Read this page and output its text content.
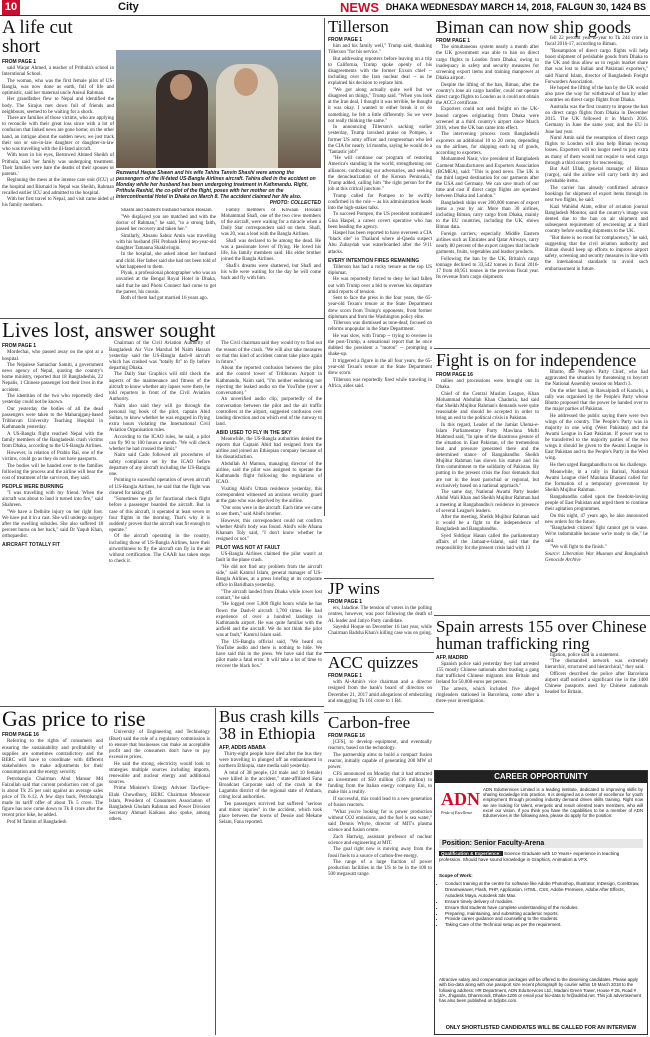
10	City	NEWS DHAKA WEDNESDAY MARCH 14, 2018, FALGUN 30, 1424 BS
A life cut short
FROM PAGE 1

said Waqar Ahmed, a teacher of Prithula's school in Interntional School.

The woman, who was the first female pilot of US-Bangla, was now done as earth, full of life and optimistic, said her maternal uncle Anisul Rahman.

Her grandfather flew to Nepal and identified the body. The Sirajus met down full of friends and neighbours, seemed to be waiting for a shock.

There are families of those victims, who are applying to reconcile with their great loss since with a lot of confusion that linked news are gone home; on the other hand, an intrigue about the sudden news; we just track their son or son-in-law daughter or daughter-in-law who was travelling with the ill-fated aircraft.

With tears in his eyes, Bestowed Ahmed Sheikh of Prithula, said 'her family was undergoing treatment. Their families were bare the deaths of their spouses or parents.'

Beginning the mess at the intense care unit (ICU) of the hospital and Bismaid in Nepal was Sheikh, Rahman recalled earlier ICU and admitted to the hospital.

With her first travel to Nepal, and visit came aided of his family members.

Rezwanul Haque Shawn and his wife Tahira Tanvin Shashi were among the passengers of the ill-fated US-Bangla Airlines aircraft. Tahira died in the accident on Monday while her husband has been undergoing treatment in Kathmandu. Right, Prithula Rashid, the co-pilot of the flight, poses with her mother on the Intercontinental Hotel in Dhaka on March 8. The accident claimed her life also.
PHOTO: COLLECTED

Shashi and Shahid's husband Sumon Hossain.

"We displayed you are matched and with the doctor of Rahman," he said, "to a strong faith, passed her recovery and taken her."

Similarly, Ahsanu Sabuz Amin was travelling with his husband (FH Probash Hero) ten-year-old daughter Tamanna Shakhvingin.

In the hospital, she asked about her husband and child. Her father said she had not been told of what happened to them.

Piyak, a professional photographer who was an unvaried at the Bengal Royal Hotel in Dhaka, said that he and Photo Connect had come to get the parent, his cousin.

Both of them had got married 16 years ago.

Family members of Khwaan Hossain Mohammad Shafi, one of the two crew members of the aircraft, were waiting for a miracle when a Daily Star correspondent said on them. Shafi, was 20, was a lead with the Bangla Airlines.

Shafi was declared to be among the dead. He was a passionate lover of flying. He loved his life, his family members said. His elder brother joined the Bangla Airlines.

Shafi's dreams were shattered, but Shafi and his wife were waiting for the day he will come back and fly with him.

Tillerson
FROM PAGE 1

him and his family well," Trump said, thanking Tillerson "for his service."

But addressing reporters before leaving on a trip to California, Trump spoke openly of his disagreements with the former Exxon chief -- including over the Iran nuclear deal -- as he explained his decision to replace him.

"We got along actually quite well but we disagreed on things," Trump said. "When you look at the Iran deal, I thought it was terrible, he thought it was okay. I wanted to either break it or do something, he felt a little differently. So we were not really thinking the same."

In announcing Tillerson's sacking earlier yesterday, Trump lavished praise on Pompeo, a former US army officer and congressman who led the CIA for nearly 14 months, saying he would do a "fantastic job!"

"He will continue our program of restoring America's standing in the world, strengthening our alliances, confronting our adversaries, and seeking the denuclearization of the Korean Peninsula," Trump added, calling him "the right person for the job at this critical juncture."

Trump called for Pompeo to be swiftly confirmed in the role -- as his administration heads into the high-stakes talks.

To succeed Pompeo, the US president nominated Gina Haspel, a career covert operative who has been heading the agency.

Haspel has been reported to have overseen a CIA "black site" in Thailand where al-Qaeda suspect Abu Zubaydah was waterboarded after the 9/11 attacks.

EVERY INTENTION FIRES REMAINING

Tillerson has had a rocky tenure as the top US diplomat.

He was reportedly forced to deny he had fallen out with Trump over a bid to oversee his departure amid reports of tension.

Sent to face the press in the four years, the 65-year-old Texan's tenure at the State Department drew scorn from Trump's opponents, from former diplomats and from the Washington policy elite.

Tillerson was dismissed as tone-deaf, focused on reforms unpopular in the State Department.

He was slow, with Trump -- trying to oversee in the post-Trump, a sensational report that he once dubbed the president a "moron" -- prompting a shake-up.

It triggered a figure in the all four years, the 65-year-old Texan's tenure at the State Department drew scorn.

Tillerson was reportedly fired while traveling in Africa, aides said.

Biman can now ship goods
FROM PAGE 1

The simultaneous system nearly a month after the UK government was able to ban on direct cargo flights to London from Dhaka, owing to inadequacy in safety and security measures for screening export items and training manpower at Dhaka airport.

Despite the lifting of the ban, Biman, after the country's lone air cargo handler, could not operate direct cargo flights to London as it could not obtain the ACC3 certificate.

Exporters could not send freight on the UK-bound cargoes originating from Dhaka were screened at a third country's airport since March 2016, when the UK ban came into effect.

The intervening process costs Bangladeshi exporters an additional 10 to 20 cents, depending on the airlines, for shipping each kg of goods, according to exporters.

Mohammed Nasir, vice president of Bangladesh Garment Manufacturers and Exporters Association (BGMEA), said: "This is good news. The UK is the third largest destination for our garments after the USA and Germany. We can save much of our time and cost if direct cargo flights are operated between Dhaka and London."

Bangladesh ships over 200,000 tonnes of export items a year by air. More than 30 airlines, including Biman, carry cargo from Dhaka, mainly to the EU countries, including the UK, shows Biman data.

Foreign carriers, especially Middle Eastern airlines such as Emirates and Qatar Airways, carry nearly 80 percent of the export cargoes that include garments, fruits, vegetables and leather products.

Following the ban by the UK, Britain's cargo tonnage declined to 33,542 tonnes in fiscal 2016-17 from 40,951 tonnes in the previous fiscal year. Its revenue from cargo shipments

fell 22 percent year-to-year to Tk 244 crore in fiscal 2016-17, according to Biman.

"Resumption of direct cargo flights will help boost shipment of perishable goods from Dhaka to the UK and thus allow us to regain market share that was lost to Indian and Pakistani exporters," said Nazrul Islam, director of Bangladesh Freight Forwarders Association.

He hoped the lifting of the ban by the UK would also pave the way for withdrawal of ban by other countries on direct cargo flights from Dhaka.

Australia was the first country to impose the ban on direct cargo flights from Dhaka in December 2015. The UK followed it in March 2016. Germany in June the same year, and the EU in June last year.

Nurul Amin said the resumption of direct cargo flights to London will also help Biman recoup losses. Exporters will no longer need to pay extra as many of them would not require to send cargo through a third country for rescreening.

But Asif Ullah, general manager of Biman (cargo), said the airline will carry both dry and perishable items.

The carrier has already confirmed advance bookings for shipment of export items through its next two flights, he said.

Kazi Wahidul Alam, editor of aviation journal Bangladesh Monitor, said the country's image was dented due to the ban on air shipment and subsequent requirement of rescreening at a third country before sending shipments to the UK.

"But there is no room for complacency," he said, suggesting that the civil aviation authority and Biman should keep up efforts to improve airport safety, screening and security measures in line with the international standards to avoid such embarrassment in future.

Lives lost, answer sought
FROM PAGE 1

Mordechai, who passed away on the spot at a hospital.

The Nepalese Samachar Samiti, a government news agency of Nepal, quoting the country's home ministry, reported that 18 Bangladeshis, 22 Nepalis, 1 Chinese passenger lost their lives in the accident.

The identities of the two who reportedly died yesterday could not be known.

Our yesterday the bodies of all the dead passengers were taken to the Maharajganj-based Tribhuvan University Teaching Hospital in Kathmandu yesterday.

A US-Bangla flight reached Nepal with the family members of the Bangladeshi crash victims from Dhaka, according to the US-Bangla Airlines.

However, in relation of Prabin Rai, one of the victims, could go as they do not have passports.

The bodies will be handed over to the families following the process and the airline will bear the cost of treatment of the survivors, they said.

PEOPLE WERE BURNING

"I was travelling with my friend. When the aircraft was about to land it turned into fire," said Shahreen.

"We have a Delhiite injury on her right foot. We have put it in a cast. She will undergo surgery after the swelling subsides. She also suffered 18 percent burns on her back," said Dr Yaqub Khan, orthopaedist.

AIRCRAFT TOTALLY FIT

Chairman of the Civil Aviation Authority of Bangladesh Air Vice Marshal M Naim Hassan yesterday said the US-Bangla dash-8 aircraft which has crashed was "totally fit" to fly before departing Dhaka.

The Daily Star Graphics will still check the aspects of the maintenance and fitness of the aircraft to know whether any lapses were there, he told reporters in front of the Civil Aviation Authority.

Naim also said they will go through the personal log book of the pilot, captain Abid Sultan, to know whether he was engaged in flying extra hours violating the International Civil Aviation Organisation rules.

According to the ICAO rules, he said, a pilot can fly 90 to 100 hours a month. "We will check whether he had crossed the limit."

Naim said Cado followed all procedures of safety compliance set by the ICAO before departure of any aircraft including the US-Bangla one.

Pointing to sucessful operation of seven aircraft of US-Bangla Airlines, he said that the flight was cleared for taking off.

"Sometimes we go for functional check flight before a passenger boarded the aircraft. But in case of this aircraft, it operated at least seven or four flights in the morning. That's why it is suddenly proven that the aircraft was fit enough to operate."

Of the aircraft operating in the country, including those of US-Bangla Airlines, have their airworthiness to fly the aircraft can fly in the air without certification. The CAAB has taken steps to check it.

The Civil chairman said they would try to find out the reason of the crash. "We will also take measures so that this kind of accident cannot take place again in future."

About the reported confusion between the pilot and the control tower of Tribhuvan Airport in Kathmandu, Naim said, "I'm neither endorsing nor rejecting the leaked audio on the YouTube (over a conversation)."

An unverified audio clip, purportedly of the conversation between the pilot and the air traffic controllers at the airport, suggested confusion over landing direction and on which end of the runway to land.

ABID USED TO FLY IN THE SKY

Meanwhile, the US-Bangla authorities denied the reports that Captain Abid had resigned from the airline and joined an Ethiopian company because of his dissatisfaction.

Abdullah Al Mamun, managing director of the airline, said the pilot was assigned to operate the Kathmandu flight following the regulations of ICAO.

Visiting Abid's Uttara residence yesterday, this correspondent witnessed an anxious security guard at the gate who was deprived by the airline.

"Our sons were in the aircraft. Each time we came to see them," said Abid's brother.

However, this correspondent could not confirm whether Abid's body was found. Abid's wife Afsana Khanam Toly said, "I don't know whether he resigned or not."

PILOT WAS NOT AT FAULT

US-Bangla Airlines claimed the pilot wasn't at fault in the plane crash.

"He did not find any problem from the aircraft side," said Kamrul Islam, general manager of US-Bangla Airlines, at a press briefing at its corporate office in Baridhara yesterday.

"The aircraft landed from Dhaka while tower lost contact," he said.

"He logged over 5,000 flight hours while he has flown the Dash-8 aircraft 1,700 times. He had experience of over a hundred landings in Kathmandu airport. He was quite familiar with the airfield and the aircraft. We do not think the pilot was at fault," Kamrul Islam said.

The US-Bangla official said, "We heard on YouTube audio and there is nothing to hide. We have said this in the press. We have said that the pilot made a fatal error. It will take a lot of time to recover the black box."

Fight is on for independence
FROM PAGE 16

rallies and processions were brought out in Dhaka.

Chief of the Central Muslim League, Khan Mohammad Abdullah Khan Chaduria, had said that Sheikh Mujibur Rahman's demands were quite reasonable and should be accepted in order to bring an end to the political crisis in Pakistan.

In this regard, Leader of the Jamiat Ulema-e-Islam Parliamentary Party Mawlana Mufti Mahmud said, "In spite of the disastrous gesture of the situation in East Pakistan, of the tremendous heat and pressure generated there and the determined stance of Bangabandhu Sheikh Mujibur Rahman has shown his stature and his firm commitment to the solidarity of Pakistan. By putting in the present crisis the four demands that are not in the least parochial or regional, but exclusively based on a national approach."

The same day, National Awami Party leader Abdul Wali Khan and Sheikh Mujibur Rahman had a meeting at Bangabandhu's residence in presence of several League's leaders.

After the meeting, Sheikh Mujibur Rahman said it would be a fight to the independence of Bangladesh and Bangabandhu.

Syed Siddiqur Hasan called the parliamentary affairs of the Jamaat-e-Islami, said that the responsibility for the present crisis laid with 13

Bhutto, the People's Party Chief, who had aggravated the situation by threatening to boycott the National Assembly session on March 3.

On the other hand, in Rawalpindi of Karachi, a rally was organised by the People's Party whose Bhutto proposed that the power be handed over to the major parties of Pakistan.

He addressed the public saying there were two wings of the country. The People's Party was in majority in one wing (West Pakistan) and the Awami League in East Pakistan. If power was to be transferred to the majority parties of the two wings it should be given to the Awami League in East Pakistan and to the People's Party in the West wing.

He then urged Bangabandhu to on his challenge.

Meanwhile, in a rally in Barisal, National Awami League chief Maulana Bhasani called for the formation of a temporary government by Sheikh Mujibur Rahman.

Bangabandhu called upon the freedom-loving people of East Pakistan and urged them to continue their agitation programmes.

On this night, 47 years ago, he also announced new orders for the future.

"Bangladesh citizens' fight cannot get to wane. We're indomitable because we're ready to die," he said.

"We will fight to the finish."

Source: Liberation War Museum and Bangladesh Genocide Archive

JP wins
FROM PAGE 1

ers, Jaladine. The tension of voters in the polling centres, however, was poor following the death of AL leader and Jatiyo Party candidate.

Sayedul Hoque on December 16 last year, while Chairman Badsha Khan's killing case was on going.

ACC quizzes
FROM PAGE 1

with Al-Amin's vice chairman and a director resigned from the bank's board of directors on December 21, 2017 amid allegations of embezzling and smuggling Tk 161 crore to 1 Bd.

Carbon-free
FROM PAGE 16

[CFS], to develop equipment, and eventually reactors, based on the technology.

The partnership aims to build a compact fusion reactor, initially capable of generating 200 MW of power.

CFS announced on Monday that it had attracted an investment of $50 million (£36 million) in funding from the Italian energy company Eni, to make this a reality.

If successful, this could lead to a new generation of fusion reactors.

"What you're looking for is power production without CO2 emissions, and the fuel is sea water," said Dennis Whyte, director of MIT's plasma science and fusion centre.

Zach Hartwig, assistant professor of nuclear science and engineering at MIT.

The goal right now is moving away from the fossil fuels to a source of carbon-free energy.

The range of a large fraction of power production facilities in the US to be in the 100 to 500 megawatt range.

Spain arrests 155 over Chinese human trafficking ring
AFP, MADRID

Spanish police said yesterday they had arrested 155 mostly Chinese nationals after busting a gang that trafficked Chinese migrants into Britain and Ireland for 50,000 euros per person.

The arrests, which included five alleged ringleaders stationed in Barcelona, come after a three-year investigation.

ligation, police said in a statement.

"The dismantled network was extremely hierarchic, structured and hierarchical," they said.

Officers described the police after Barcelona airport staff noticed a significant rise in the 1400 Chinese passports used by Chinese nationals headed for Britain.

Gas price to rise
FROM PAGE 16

Referring to the rights of consumers and ensuring the sustainability and profitability of supplies are sometimes contradictory and the BERC will have to coordinate with different stakeholders to make adjustments for their consumption and the energy security.

Petrobangla Chairman Abul Mansur Md Faizullah said that current production cost of gas is about Tk 25 per unit against an average sales price of Tk 6.12. A few days back, Petrobangla made its tariff offer of about Tk 5 crore. The figure has now come down to Tk 8 crore after the recent price hike, he added.

Prof M Tamim of Bangladesh

University of Engineering and Technology (Buet) said the role of a regulatory commission is to ensure that businesses can make an acceptable profit and the consumers don't have to pay excessive prices.

He said the strong, electricity would look to strategies multiple sources including imports, renewable and nuclear energy and additional sources.

Prime Minister's Energy Adviser Tawfiq-e-Elahi Chowdhury, BERC Chairman Monowar Islam, President of Consumers Association of Bangladesh Ghulam Rahman and Power Division Secretary Ahmad Kaikaus also spoke, among others.

Bus crash kills 38 in Ethiopia
AFP, ADDIS ABABA

Thirty-eight people have died after the bus they were travelling in plunged off an embankment in northern Ethiopia, state media said yesterday.

A total of 38 people, (24 male and 10 female) were killed in the accident," state-affiliated Fana Broadcast Corporate said of the crash in the Lagamba district of the regional state of Amhara, citing local authorities.

Ten passengers survived but suffered "serious and minor injuries" in the accident, which took place between the towns of Dessie and Mekane Selam, Fana reported.

CAREER OPPORTUNITY
ADN
Pride of Excellence
ADN EduServices Limited is a leading institute, dedicated to improving skills by sharing knowledge into practice. It is designed as a center of excellence for youth employment through providing industry demand driven skills training. Right now we are looking for talent, energetic and result oriented team members, who will excel our vision. If you think you have the capabilities to be a member of ADN EduServices in the following area, please do apply for the position:
Position: Senior Faculty-Arena
Qualification & Experience: Science Graduate with 10 Years+ experience in teaching profession. Should have sound knowledge in Graphics, Animation & VFX.
Scope of Work:
• Conduct training at the centre for software like Adobe Photoshop, Illustrator, InDesign, CorelDraw, Dreamweaver, Flash, PHP, Application, HTML, CSS, Adobe Premiere, Adobe After Effects, Autodesk Maya, Autodesk 3ds Max.
• Ensure timely delivery of modules.
• Ensure that students have complete understanding of the modules.
• Preparing, maintaining, and submitting academic reports.
• Provide career guidance and counselling to the students.
• Taking Care of the Technical setup as per the requirement.
Attractive salary and compensation packages will be offered to the deserving candidates. Please apply with bio-data along with one passport size recent photograph by courier within 19 March 2018 to the following address: HR Department, ADN EduServices Ltd., Madani Green Tower, House # 26, Road # 3/A, Jhigatola, Dhanmondi, Dhaka-1205 or email your bio-data to hr@adnbd.net. This job advertisement has also been published on bdjobs.com.
ONLY SHORTLISTED CANDIDATES WILL BE CALLED FOR AN INTERVIEW
